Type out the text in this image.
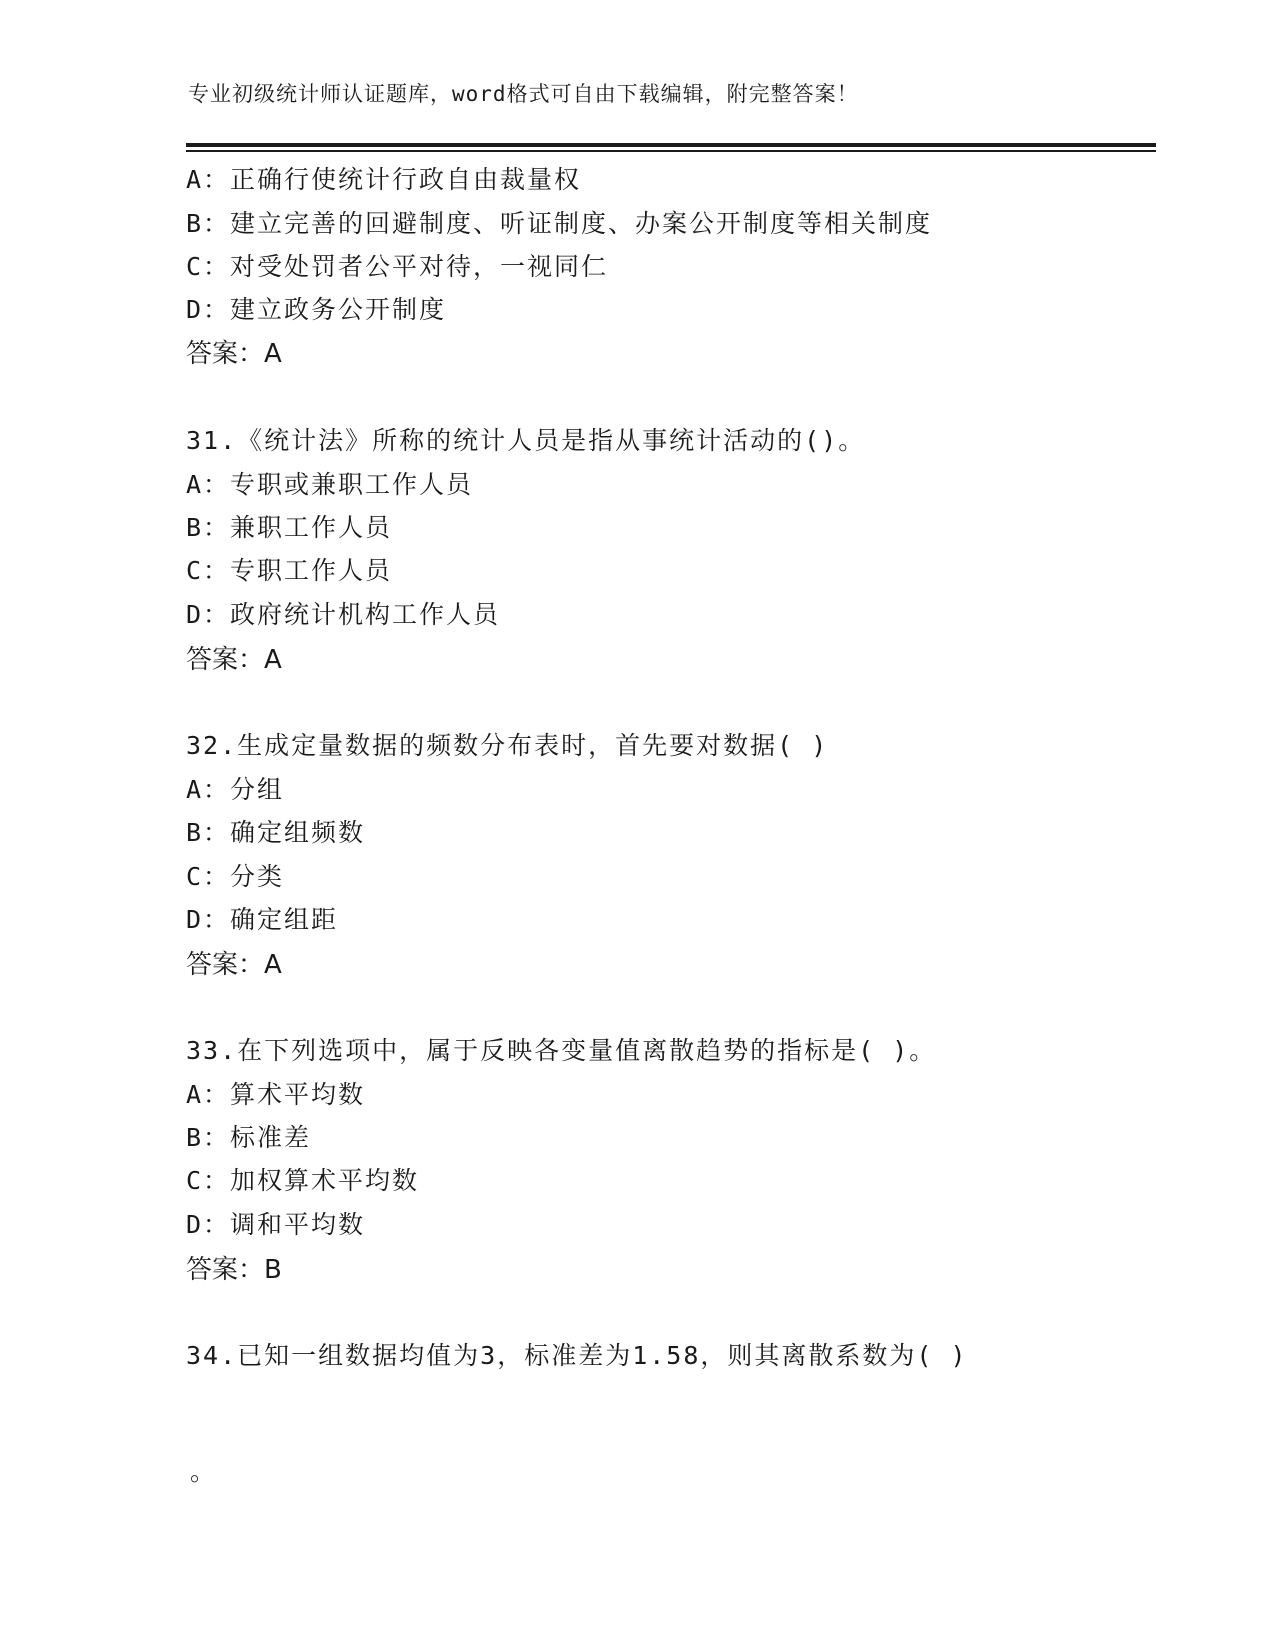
专业初级统计师认证题库，word格式可自由下载编辑，附完整答案！
A：正确行使统计行政自由裁量权
B：建立完善的回避制度、听证制度、办案公开制度等相关制度
C：对受处罚者公平对待，一视同仁
D：建立政务公开制度
答案：A
31.《统计法》所称的统计人员是指从事统计活动的()。
A：专职或兼职工作人员
B：兼职工作人员
C：专职工作人员
D：政府统计机构工作人员
答案：A
32.生成定量数据的频数分布表时，首先要对数据( )
A：分组
B：确定组频数
C：分类
D：确定组距
答案：A
33.在下列选项中，属于反映各变量值离散趋势的指标是( )。
A：算术平均数
B：标准差
C：加权算术平均数
D：调和平均数
答案：B
34.已知一组数据均值为3，标准差为1.58，则其离散系数为( )
。
